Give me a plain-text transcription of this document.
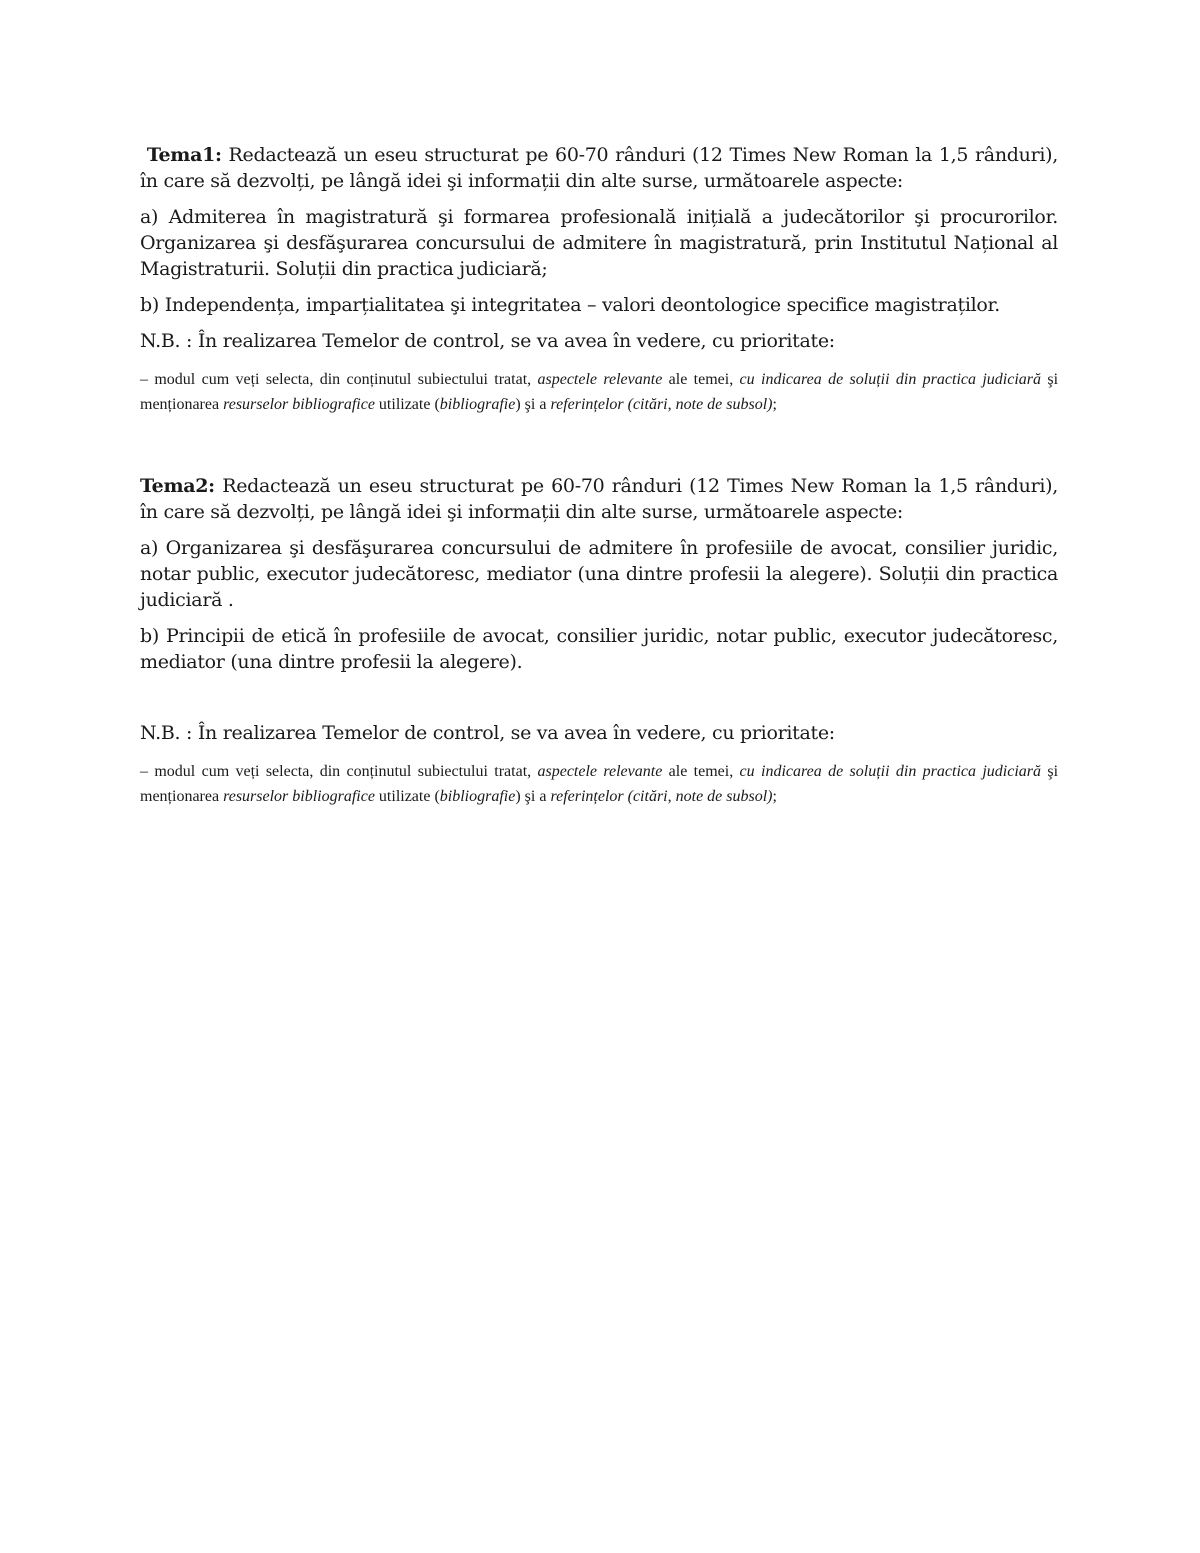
Tema1: Redactează un eseu structurat pe 60-70 rânduri (12 Times New Roman la 1,5 rânduri), în care să dezvolți, pe lângă idei şi informații din alte surse, următoarele aspecte:

a) Admiterea în magistratură şi formarea profesională inițială a judecătorilor şi procurorilor. Organizarea şi desfăşurarea concursului de admitere în magistratură, prin Institutul Național al Magistraturii. Soluții din practica judiciară;

b) Independența, imparțialitatea şi integritatea – valori deontologice specifice magistraților.

N.B. : În realizarea Temelor de control, se va avea în vedere, cu prioritate:

– modul cum veți selecta, din conținutul subiectului tratat, aspectele relevante ale temei, cu indicarea de soluții din practica judiciară şi menționarea resurselor bibliografice utilizate (bibliografie) şi a referințelor (citări, note de subsol);

Tema2: Redactează un eseu structurat pe 60-70 rânduri (12 Times New Roman la 1,5 rânduri), în care să dezvolți, pe lângă idei şi informații din alte surse, următoarele aspecte:

a) Organizarea şi desfăşurarea concursului de admitere în profesiile de avocat, consilier juridic, notar public, executor judecătoresc, mediator (una dintre profesii la alegere). Soluții din practica judiciară .

b) Principii de etică în profesiile de avocat, consilier juridic, notar public, executor judecătoresc, mediator (una dintre profesii la alegere).

N.B. : În realizarea Temelor de control, se va avea în vedere, cu prioritate:

– modul cum veți selecta, din conținutul subiectului tratat, aspectele relevante ale temei, cu indicarea de soluții din practica judiciară şi menționarea resurselor bibliografice utilizate (bibliografie) şi a referințelor (citări, note de subsol);
